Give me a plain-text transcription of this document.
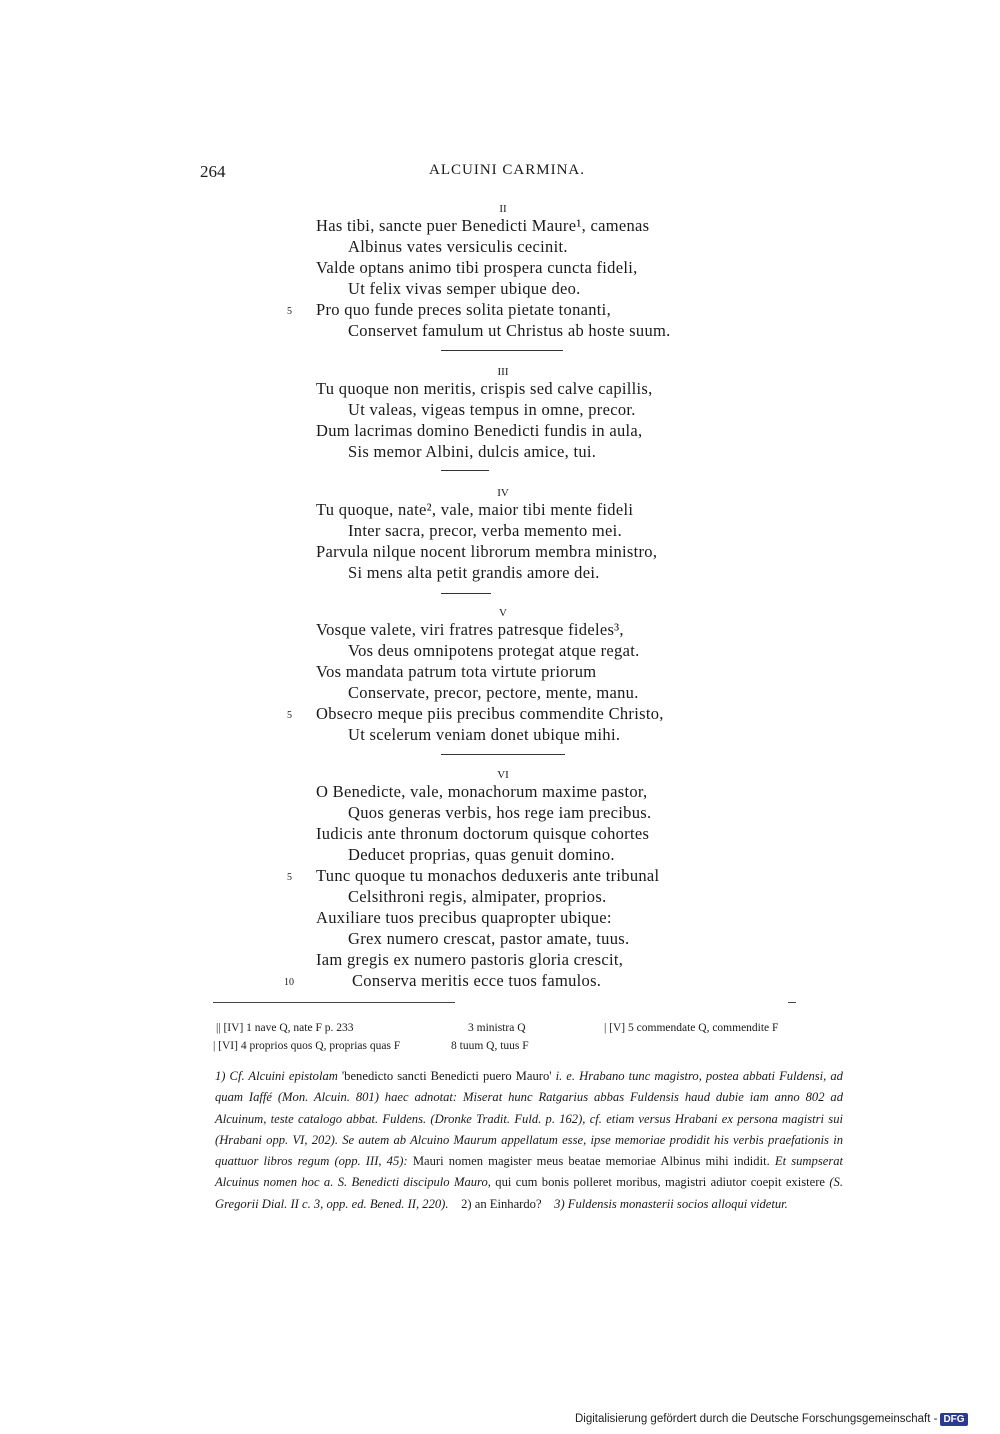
264	ALCUINI CARMINA.
II
Has tibi, sancte puer Benedicti Maure¹, camenas
Albinus vates versiculis cecinit.
Valde optans animo tibi prospera cuncta fideli,
Ut felix vivas semper ubique deo.
5 Pro quo funde preces solita pietate tonanti,
Conservet famulum ut Christus ab hoste suum.
III
Tu quoque non meritis, crispis sed calve capillis,
Ut valeas, vigeas tempus in omne, precor.
Dum lacrimas domino Benedicti fundis in aula,
Sis memor Albini, dulcis amice, tui.
IV
Tu quoque, nate², vale, maior tibi mente fideli
Inter sacra, precor, verba memento mei.
Parvula nilque nocent librorum membra ministro,
Si mens alta petit grandis amore dei.
V
Vosque valete, viri fratres patresque fideles³,
Vos deus omnipotens protegat atque regat.
Vos mandata patrum tota virtute priorum
Conservate, precor, pectore, mente, manu.
5 Obsecro meque piis precibus commendite Christo,
Ut scelerum veniam donet ubique mihi.
VI
O Benedicte, vale, monachorum maxime pastor,
Quos generas verbis, hos rege iam precibus.
Iudicis ante thronum doctorum quisque cohortes
Deducet proprias, quas genuit domino.
5 Tunc quoque tu monachos deduxeris ante tribunal
Celsithroni regis, almipater, proprios.
Auxiliare tuos precibus quapropter ubique:
Grex numero crescat, pastor amate, tuus.
Iam gregis ex numero pastoris gloria crescit,
10	Conserva meritis ecce tuos famulos.
|| [IV] 1 nave Q, nate F p. 233	3 ministra Q	| [V] 5 commendate Q, commendite F
| [VI] 4 proprios quos Q, proprias quas F	8 tuum Q, tuus F
1) Cf. Alcuini epistolam 'benedicto sancti Benedicti puero Mauro' i. e. Hrabano tunc magistro, postea abbati Fuldensi, ad quam Iaffé (Mon. Alcuin. 801) haec adnotat: Miserat hunc Ratgarius abbas Fuldensis haud dubie iam anno 802 ad Alcuinum, teste catalogo abbat. Fuldens. (Dronke Tradit. Fuld. p. 162), cf. etiam versus Hrabani ex persona magistri sui (Hrabani opp. VI, 202). Se autem ab Alcuino Maurum appellatum esse, ipse memoriae prodidit his verbis praefationis in quattuor libros regum (opp. III, 45): Mauri nomen magister meus beatae memoriae Albinus mihi indidit. Et sumpserat Alcuinus nomen hoc a. S. Benedicti discipulo Mauro, qui cum bonis polleret moribus, magistri adiutor coepit existere (S. Gregorii Dial. II c. 3, opp. ed. Bened. II, 220). 2) an Einhardo? 3) Fuldensis monasterii socios alloqui videtur.
Digitalisierung gefördert durch die Deutsche Forschungsgemeinschaft - DFG
